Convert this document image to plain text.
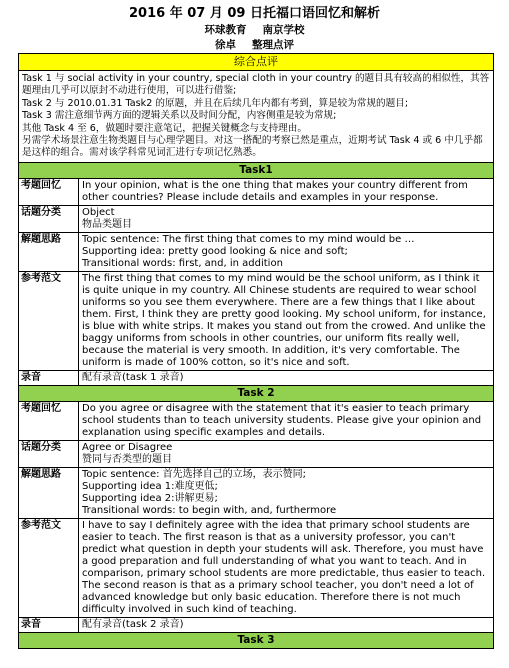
2016 年 07 月 09 日托福口语回忆和解析
环球教育 南京学校
徐卓 整理点评
综合点评	

Task 1 与 social activity in your country, special cloth in your country 的题目具有较高的相似性，其答题理由几乎可以原封不动进行使用，可以进行借鉴;
Task 2 与 2010.01.31 Task2 的原题，并且在后续几年内都有考到，算是较为常规的题目;
Task 3 需注意细节两方面的逻辑关系以及时间分配，内容侧重是较为常规;
其他 Task 4 至 6，做题时要注意笔记，把握关键概念与支持理由。
另需学术场景注意生物类题目与心理学题目。对这一搭配的考察已然是重点，近期考试 Task 4 或 6 中几乎都是这样的组合。需对该学科常见词汇进行专项记忆熟悉。	

Task1	
考题回忆	In your opinion, what is the one thing that makes your country different from other countries? Please include details and examples in your response.
话题分类	Object

物品类题目

解题思路	Topic sentence: The first thing that comes to my mind would be …

Supporting idea: pretty good looking & nice and soft;

Transitional words: first, and, in addition

参考范文	The first thing that comes to my mind would be the school uniform, as I think it is quite unique in my country. All Chinese students are required to wear school uniforms so you see them everywhere. There are a few things that I like about them. First, I think they are pretty good looking. My school uniform, for instance, is blue with white strips. It makes you stand out from the crowed. And unlike the baggy uniforms from schools in other countries, our uniform fits really well, because the material is very smooth. In addition, it's very comfortable. The uniform is made of 100% cotton, so it's nice and soft.
录音	配有录音(task 1 录音)
Task 2	
考题回忆	Do you agree or disagree with the statement that it's easier to teach primary school students than to teach university students. Please give your opinion and explanation using specific examples and details.
话题分类	Agree or Disagree

赞同与否类型的题目

解题思路	Topic sentence: 首先选择自己的立场，表示赞同;

Supporting idea 1:难度更低;

Supporting idea 2:讲解更易;

Transitional words: to begin with, and, furthermore

参考范文	I have to say I definitely agree with the idea that primary school students are easier to teach. The first reason is that as a university professor, you can't predict what question in depth your students will ask. Therefore, you must have a good preparation and full understanding of what you want to teach. And in comparison, primary school students are more predictable, thus easier to teach. The second reason is that as a primary school teacher, you don't need a lot of advanced knowledge but only basic education. Therefore there is not much difficulty involved in such kind of teaching.
录音	配有录音(task 2 录音)
Task 3	
